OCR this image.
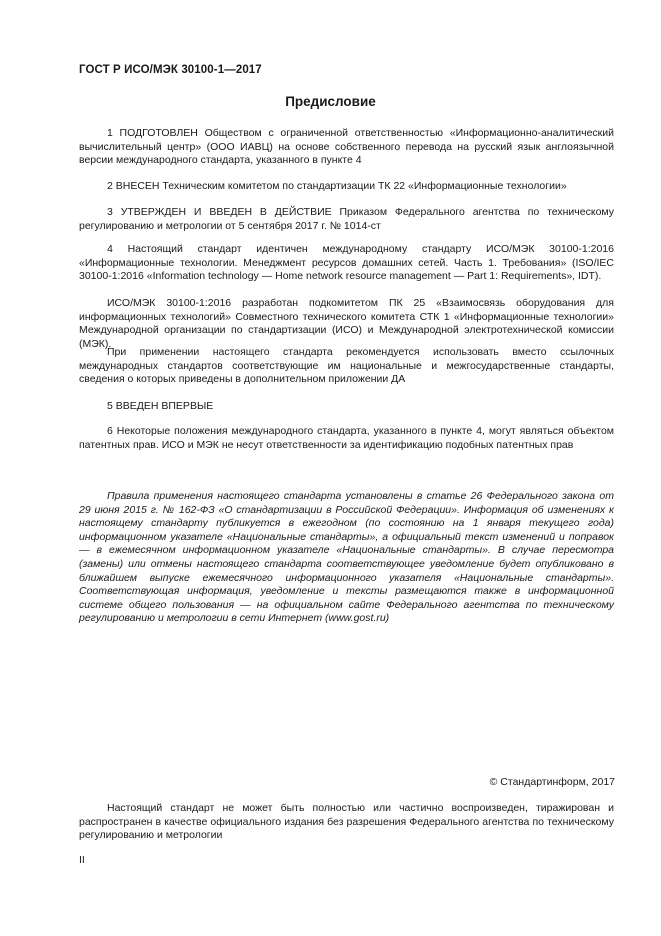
ГОСТ Р ИСО/МЭК 30100-1—2017
Предисловие

1 ПОДГОТОВЛЕН Обществом с ограниченной ответственностью «Информационно-аналитический вычислительный центр» (ООО ИАВЦ) на основе собственного перевода на русский язык англоязычной версии международного стандарта, указанного в пункте 4

2 ВНЕСЕН Техническим комитетом по стандартизации ТК 22 «Информационные технологии»

3 УТВЕРЖДЕН И ВВЕДЕН В ДЕЙСТВИЕ Приказом Федерального агентства по техническому регулированию и метрологии от 5 сентября 2017 г. № 1014-ст

4 Настоящий стандарт идентичен международному стандарту ИСО/МЭК 30100-1:2016 «Информационные технологии. Менеджмент ресурсов домашних сетей. Часть 1. Требования» (ISO/IEC 30100-1:2016 «Information technology — Home network resource management — Part 1: Requirements», IDT).

ИСО/МЭК 30100-1:2016 разработан подкомитетом ПК 25 «Взаимосвязь оборудования для информационных технологий» Совместного технического комитета СТК 1 «Информационные технологии» Международной организации по стандартизации (ИСО) и Международной электротехнической комиссии (МЭК).

При применении настоящего стандарта рекомендуется использовать вместо ссылочных международных стандартов соответствующие им национальные и межгосударственные стандарты, сведения о которых приведены в дополнительном приложении ДА

5 ВВЕДЕН ВПЕРВЫЕ

6 Некоторые положения международного стандарта, указанного в пункте 4, могут являться объектом патентных прав. ИСО и МЭК не несут ответственности за идентификацию подобных патентных прав

Правила применения настоящего стандарта установлены в статье 26 Федерального закона от 29 июня 2015 г. № 162-ФЗ «О стандартизации в Российской Федерации». Информация об изменениях к настоящему стандарту публикуется в ежегодном (по состоянию на 1 января текущего года) информационном указателе «Национальные стандарты», а официальный текст изменений и поправок — в ежемесячном информационном указателе «Национальные стандарты». В случае пересмотра (замены) или отмены настоящего стандарта соответствующее уведомление будет опубликовано в ближайшем выпуске ежемесячного информационного указателя «Национальные стандарты». Соответствующая информация, уведомление и тексты размещаются также в информационной системе общего пользования — на официальном сайте Федерального агентства по техническому регулированию и метрологии в сети Интернет (www.gost.ru)

© Стандартинформ, 2017

Настоящий стандарт не может быть полностью или частично воспроизведен, тиражирован и распространен в качестве официального издания без разрешения Федерального агентства по техническому регулированию и метрологии

II
